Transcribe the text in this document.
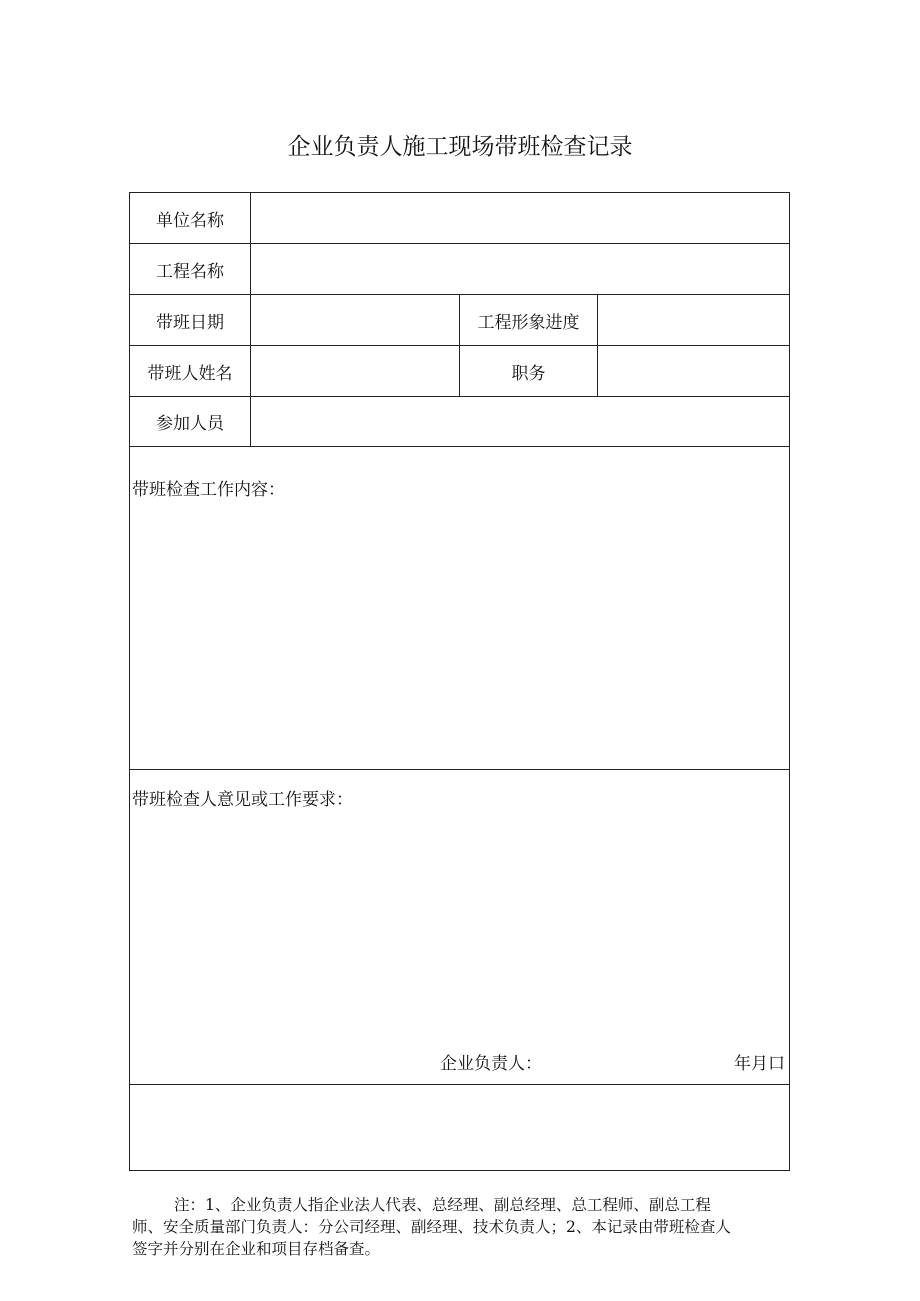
企业负责人施工现场带班检查记录
单位名称
工程名称
带班日期	工程形象进度
带班人姓名	职务
参加人员
带班检查工作内容：
带班检查人意见或工作要求：
企业负责人：	年月口
注：1、企业负责人指企业法人代表、总经理、副总经理、总工程师、副总工程
师、安全质量部门负责人：分公司经理、副经理、技术负责人；2、本记录由带班检查人
签字并分别在企业和项目存档备查。
